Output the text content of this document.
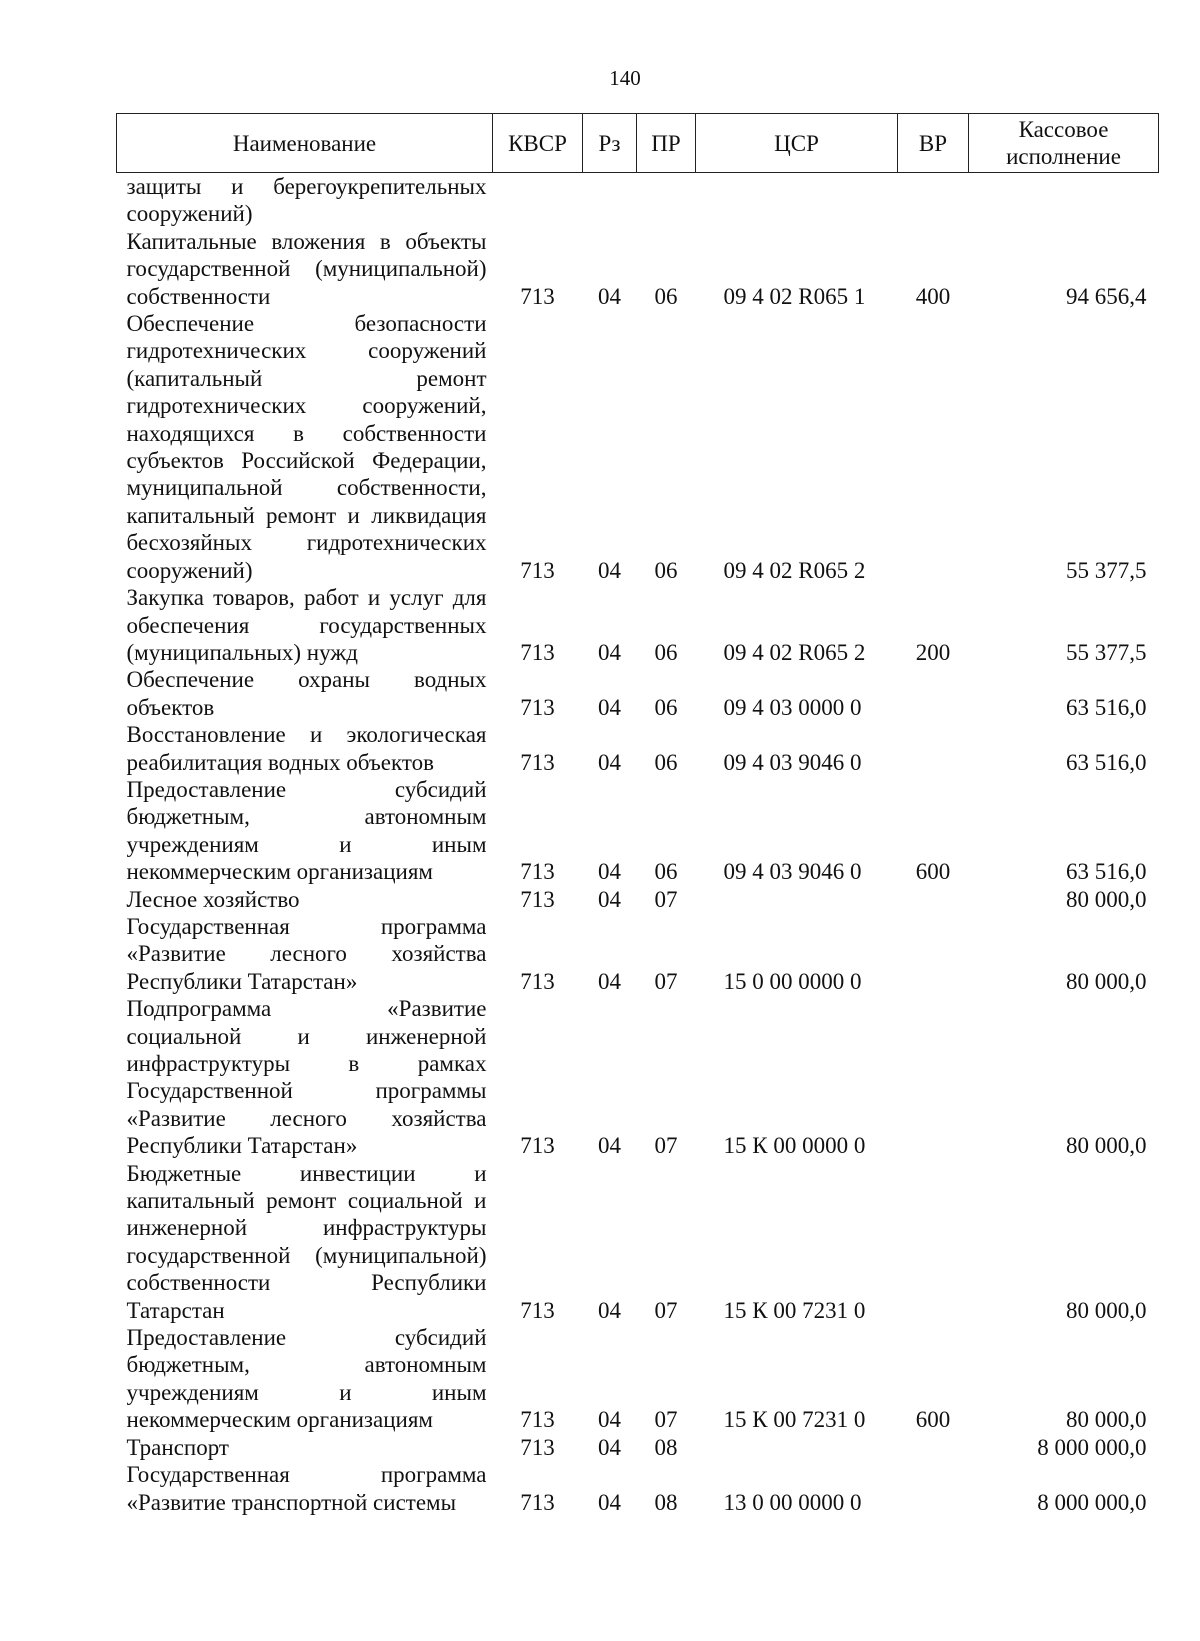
140
Наименование	КВСР	Рз	ПР	ЦСР	ВР	Кассовое
исполнение

защиты и берегоукрепительных сооружений)						
Капитальные вложения в объекты государственной (муниципальной) собственности	713	04	06	09 4 02 R065 1	400	94 656,4
Обеспечение безопасности гидротехнических сооружений (капитальный ремонт гидротехнических сооружений, находящихся в собственности субъектов Российской Федерации, муниципальной собственности, капитальный ремонт и ликвидация бесхозяйных гидротехнических сооружений)	713	04	06	09 4 02 R065 2		55 377,5
Закупка товаров, работ и услуг для обеспечения государственных (муниципальных) нужд	713	04	06	09 4 02 R065 2	200	55 377,5
Обеспечение охраны водных объектов	713	04	06	09 4 03 0000 0		63 516,0
Восстановление и экологическая реабилитация водных объектов	713	04	06	09 4 03 9046 0		63 516,0
Предоставление субсидий бюджетным, автономным учреждениям и иным некоммерческим организациям	713	04	06	09 4 03 9046 0	600	63 516,0
Лесное хозяйство	713	04	07			80 000,0
Государственная программа «Развитие лесного хозяйства Республики Татарстан»	713	04	07	15 0 00 0000 0		80 000,0
Подпрограмма «Развитие социальной и инженерной инфраструктуры в рамках Государственной программы «Развитие лесного хозяйства Республики Татарстан»	713	04	07	15 К 00 0000 0		80 000,0
Бюджетные инвестиции и капитальный ремонт социальной и инженерной инфраструктуры государственной (муниципальной) собственности Республики Татарстан	713	04	07	15 К 00 7231 0		80 000,0
Предоставление субсидий бюджетным, автономным учреждениям и иным некоммерческим организациям	713	04	07	15 К 00 7231 0	600	80 000,0
Транспорт	713	04	08			8 000 000,0
Государственная программа «Развитие транспортной системы	713	04	08	13 0 00 0000 0		8 000 000,0
